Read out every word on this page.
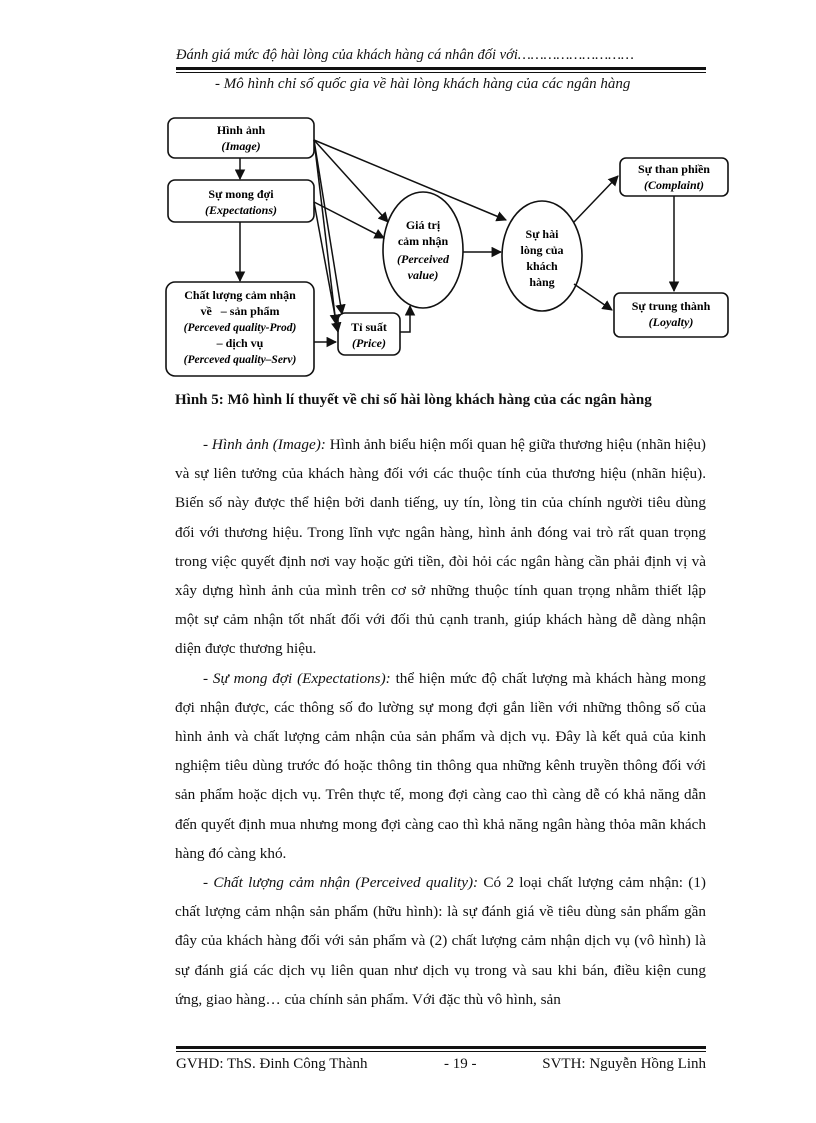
Đánh giá mức độ hài lòng của khách hàng cá nhân đối với………………………
- Mô hình chỉ số quốc gia về hài lòng khách hàng của các ngân hàng
Hình ảnh
(Image)
Sự mong đợi
(Expectations)
Chất lượng cảm nhận
về   – sản phẩm
(Perceved quality-Prod)
– dịch vụ
(Perceved quality–Serv)
Tỉ suất
(Price)
Sự than phiền
(Complaint)
Sự trung thành
(Loyalty)
Giá trị
cảm nhận
(Perceived
value)
Sự hài
lòng của
khách
hàng
Hình 5: Mô hình lí thuyết về chỉ số hài lòng khách hàng của các ngân hàng

- Hình ảnh (Image): Hình ảnh biểu hiện mối quan hệ giữa thương hiệu (nhãn hiệu) và sự liên tưởng của khách hàng đối với các thuộc tính của thương hiệu (nhãn hiệu). Biến số này được thể hiện bởi danh tiếng, uy tín, lòng tin của chính người tiêu dùng đối với thương hiệu. Trong lĩnh vực ngân hàng, hình ảnh đóng vai trò rất quan trọng trong việc quyết định nơi vay hoặc gửi tiền, đòi hỏi các ngân hàng cần phải định vị và xây dựng hình ảnh của mình trên cơ sở những thuộc tính quan trọng nhằm thiết lập một sự cảm nhận tốt nhất đối với đối thủ cạnh tranh, giúp khách hàng dễ dàng nhận diện được thương hiệu.

- Sự mong đợi (Expectations): thể hiện mức độ chất lượng mà khách hàng mong đợi nhận được, các thông số đo lường sự mong đợi gắn liền với những thông số của hình ảnh và chất lượng cảm nhận của sản phẩm và dịch vụ. Đây là kết quả của kinh nghiệm tiêu dùng trước đó hoặc thông tin thông qua những kênh truyền thông đối với sản phẩm hoặc dịch vụ. Trên thực tế, mong đợi càng cao thì càng dễ có khả năng dẫn đến quyết định mua nhưng mong đợi càng cao thì khả năng ngân hàng thỏa mãn khách hàng đó càng khó.

- Chất lượng cảm nhận (Perceived quality): Có 2 loại chất lượng cảm nhận: (1) chất lượng cảm nhận sản phẩm (hữu hình): là sự đánh giá về tiêu dùng sản phẩm gần đây của khách hàng đối với sản phẩm và (2) chất lượng cảm nhận dịch vụ (vô hình) là sự đánh giá các dịch vụ liên quan như dịch vụ trong và sau khi bán, điều kiện cung ứng, giao hàng… của chính sản phẩm. Với đặc thù vô hình, sản

GVHD: ThS. Đinh Công Thành	- 19 -	SVTH: Nguyễn Hồng Linh
